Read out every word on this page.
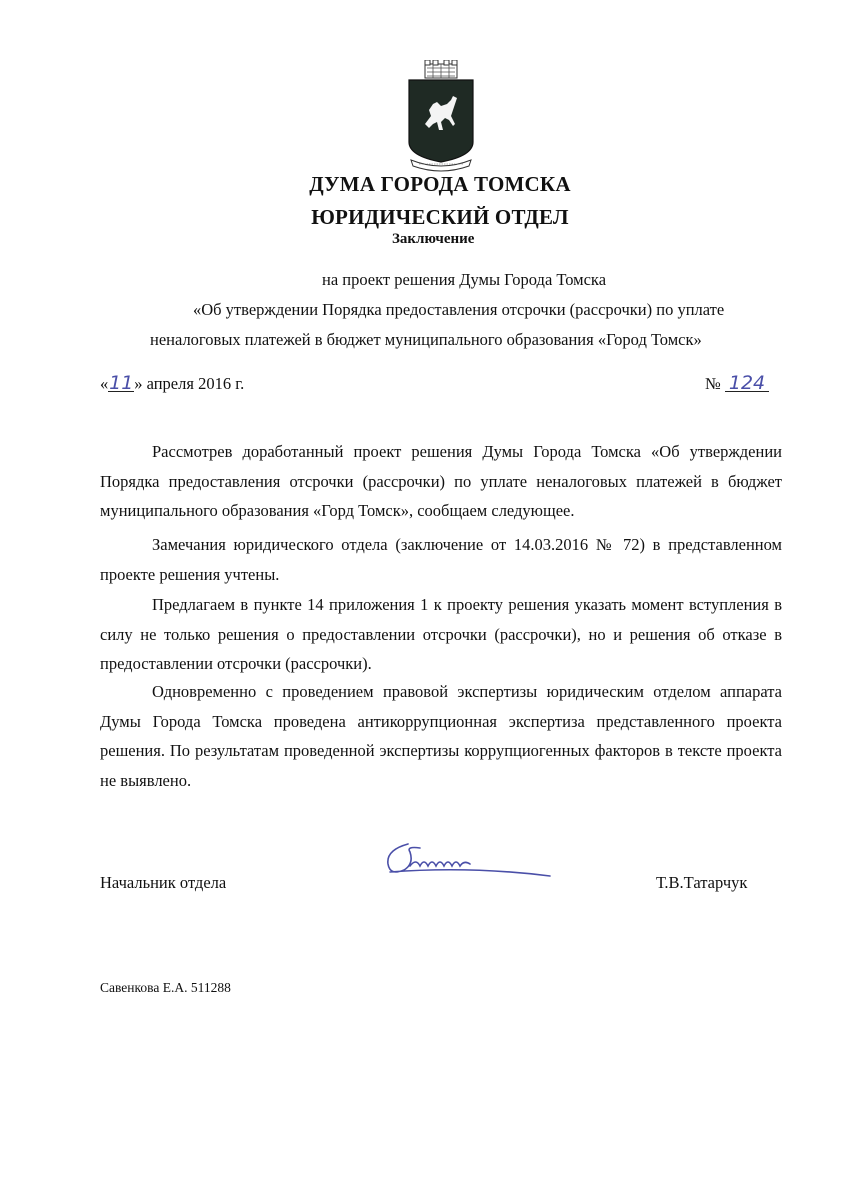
ДУМА ГОРОДА ТОМСКА
ЮРИДИЧЕСКИЙ ОТДЕЛ
Заключение
на проект решения Думы Города Томска
«Об утверждении Порядка предоставления отсрочки (рассрочки) по уплате
неналоговых платежей в бюджет муниципального образования «Город Томск»
«11» апреля 2016 г.	№ 124
Рассмотрев доработанный проект решения Думы Города Томска «Об утверждении Порядка предоставления отсрочки (рассрочки) по уплате неналоговых платежей в бюджет муниципального образования «Горд Томск», сообщаем следующее.
Замечания юридического отдела (заключение от 14.03.2016 № 72) в представленном проекте решения учтены.
Предлагаем в пункте 14 приложения 1 к проекту решения указать момент вступления в силу не только решения о предоставлении отсрочки (рассрочки), но и решения об отказе в предоставлении отсрочки (рассрочки).
Одновременно с проведением правовой экспертизы юридическим отделом аппарата Думы Города Томска проведена антикоррупционная экспертиза представленного проекта решения. По результатам проведенной экспертизы коррупциогенных факторов в тексте проекта не выявлено.
Начальник отдела	Т.В.Татарчук
Савенкова Е.А. 511288
